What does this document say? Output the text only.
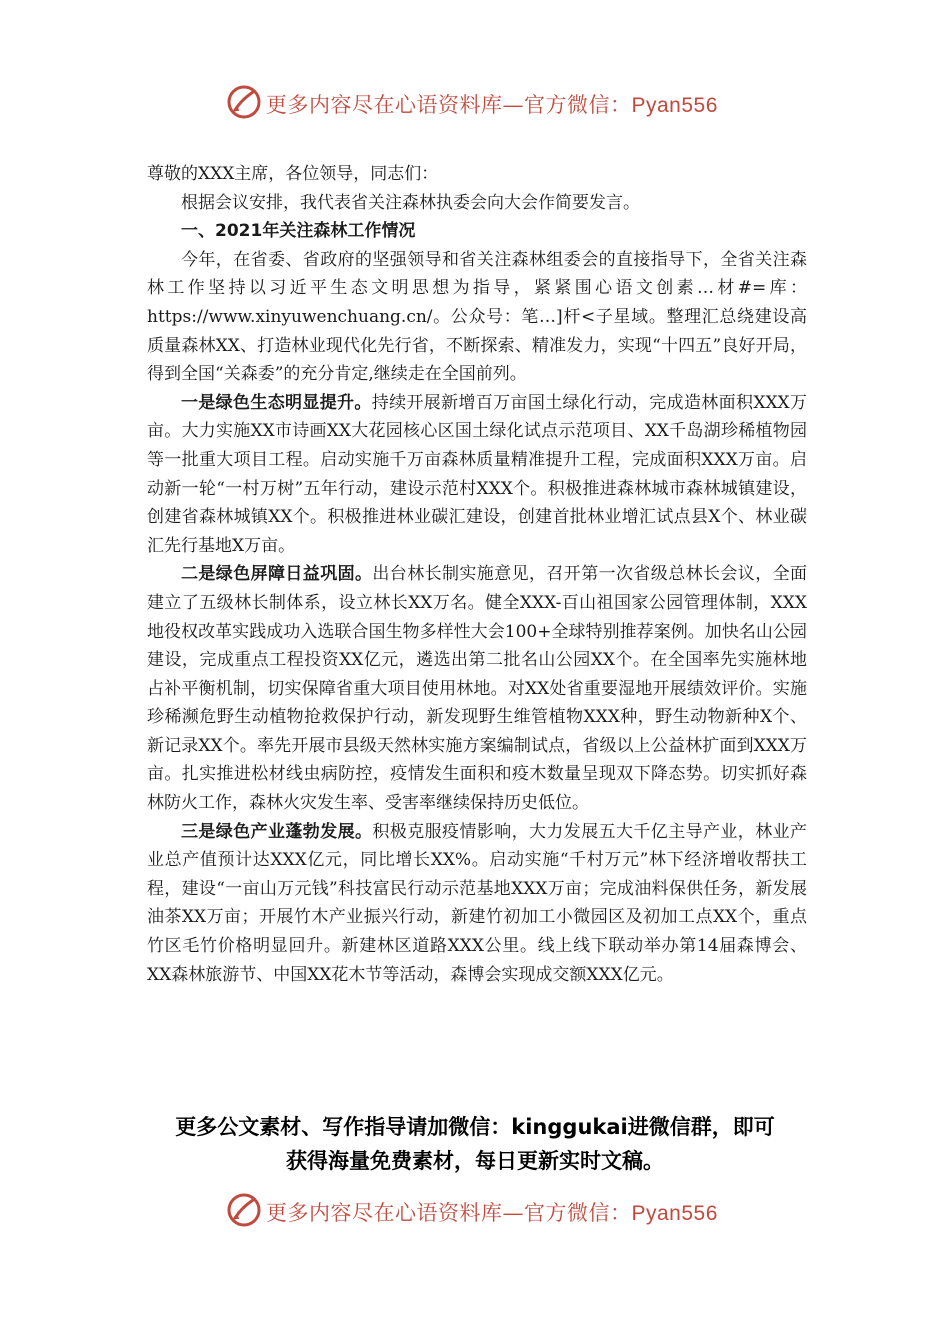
更多内容尽在心语资料库—官方微信：Pyan556

尊敬的XXX主席，各位领导，同志们：

根据会议安排，我代表省关注森林执委会向大会作简要发言。

一、2021年关注森林工作情况

今年，在省委、省政府的坚强领导和省关注森林组委会的直接指导下，全省关注森林工作坚持以习近平生态文明思想为指导，紧紧围心语文创素…材#=库：https://www.xinyuwenchuang.cn/。公众号：笔…]杆<子星域。整理汇总绕建设高质量森林XX、打造林业现代化先行省，不断探索、精准发力，实现“十四五”良好开局，得到全国“关森委”的充分肯定,继续走在全国前列。

一是绿色生态明显提升。持续开展新增百万亩国土绿化行动，完成造林面积XXX万亩。大力实施XX市诗画XX大花园核心区国土绿化试点示范项目、XX千岛湖珍稀植物园等一批重大项目工程。启动实施千万亩森林质量精准提升工程，完成面积XXX万亩。启动新一轮“一村万树”五年行动，建设示范村XXX个。积极推进森林城市森林城镇建设，创建省森林城镇XX个。积极推进林业碳汇建设，创建首批林业增汇试点县X个、林业碳汇先行基地X万亩。

二是绿色屏障日益巩固。出台林长制实施意见，召开第一次省级总林长会议，全面建立了五级林长制体系，设立林长XX万名。健全XXX-百山祖国家公园管理体制，XXX地役权改革实践成功入选联合国生物多样性大会100+全球特别推荐案例。加快名山公园建设，完成重点工程投资XX亿元，遴选出第二批名山公园XX个。在全国率先实施林地占补平衡机制，切实保障省重大项目使用林地。对XX处省重要湿地开展绩效评价。实施珍稀濒危野生动植物抢救保护行动，新发现野生维管植物XXX种，野生动物新种X个、新记录XX个。率先开展市县级天然林实施方案编制试点，省级以上公益林扩面到XXX万亩。扎实推进松材线虫病防控，疫情发生面积和疫木数量呈现双下降态势。切实抓好森林防火工作，森林火灾发生率、受害率继续保持历史低位。

三是绿色产业蓬勃发展。积极克服疫情影响，大力发展五大千亿主导产业，林业产业总产值预计达XXX亿元，同比增长XX%。启动实施“千村万元”林下经济增收帮扶工程，建设“一亩山万元钱”科技富民行动示范基地XXX万亩；完成油料保供任务，新发展油茶XX万亩；开展竹木产业振兴行动，新建竹初加工小微园区及初加工点XX个，重点竹区毛竹价格明显回升。新建林区道路XXX公里。线上线下联动举办第14届森博会、XX森林旅游节、中国XX花木节等活动，森博会实现成交额XXX亿元。

更多公文素材、写作指导请加微信：kinggukai进微信群，即可
获得海量免费素材，每日更新实时文稿。
更多内容尽在心语资料库—官方微信：Pyan556
